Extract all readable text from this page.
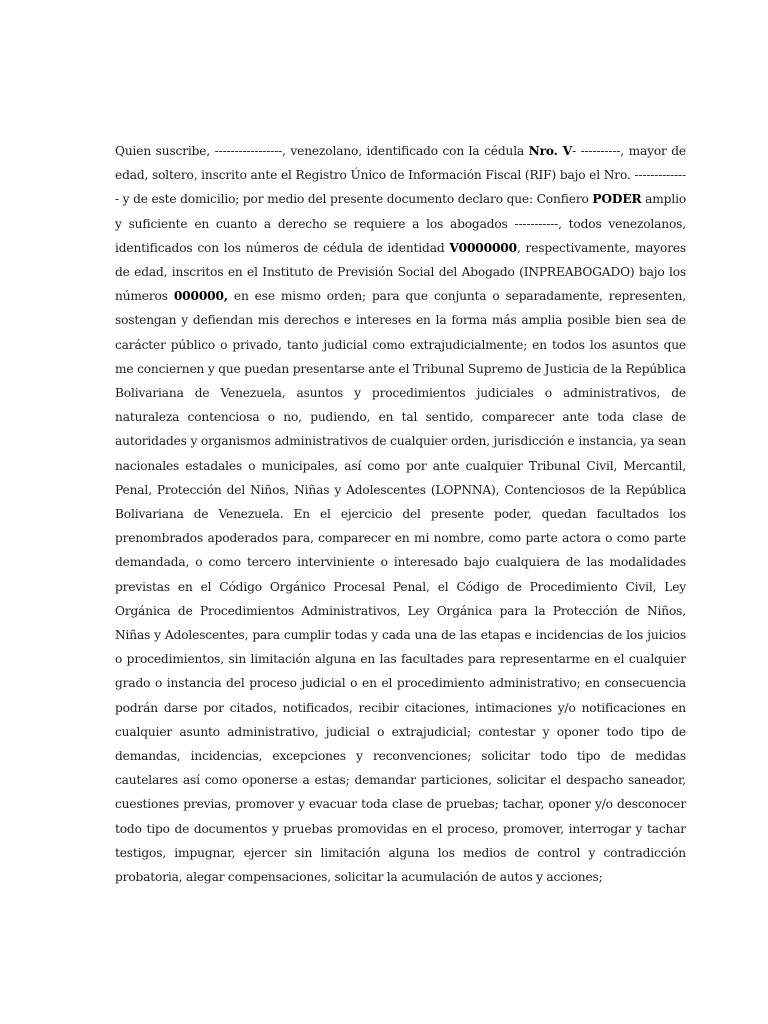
Quien suscribe, -----------------, venezolano, identificado con la cédula Nro. V- ----------, mayor de edad, soltero, inscrito ante el Registro Único de Información Fiscal (RIF) bajo el Nro. -------------- y de este domicilio; por medio del presente documento declaro que: Confiero PODER amplio y suficiente en cuanto a derecho se requiere a los abogados -----------, todos venezolanos, identificados con los números de cédula de identidad V0000000, respectivamente, mayores de edad, inscritos en el Instituto de Previsión Social del Abogado (INPREABOGADO) bajo los números 000000, en ese mismo orden; para que conjunta o separadamente, representen, sostengan y defiendan mis derechos e intereses en la forma más amplia posible bien sea de carácter público o privado, tanto judicial como extrajudicialmente; en todos los asuntos que me conciernen y que puedan presentarse ante el Tribunal Supremo de Justicia de la República Bolivariana de Venezuela, asuntos y procedimientos judiciales o administrativos, de naturaleza contenciosa o no, pudiendo, en tal sentido, comparecer ante toda clase de autoridades y organismos administrativos de cualquier orden, jurisdicción e instancia, ya sean nacionales estadales o municipales, así como por ante cualquier Tribunal Civil, Mercantil, Penal, Protección del Niños, Niñas y Adolescentes (LOPNNA), Contenciosos de la República Bolivariana de Venezuela. En el ejercicio del presente poder, quedan facultados los prenombrados apoderados para, comparecer en mi nombre, como parte actora o como parte demandada, o como tercero interviniente o interesado bajo cualquiera de las modalidades previstas en el Código Orgánico Procesal Penal, el Código de Procedimiento Civil, Ley Orgánica de Procedimientos Administrativos, Ley Orgánica para la Protección de Niños, Niñas y Adolescentes, para cumplir todas y cada una de las etapas e incidencias de los juicios o procedimientos, sin limitación alguna en las facultades para representarme en el cualquier grado o instancia del proceso judicial o en el procedimiento administrativo; en consecuencia podrán darse por citados, notificados, recibir citaciones, intimaciones y/o notificaciones en cualquier asunto administrativo, judicial o extrajudicial; contestar y oponer todo tipo de demandas, incidencias, excepciones y reconvenciones; solicitar todo tipo de medidas cautelares así como oponerse a estas; demandar particiones, solicitar el despacho saneador, cuestiones previas, promover y evacuar toda clase de pruebas; tachar, oponer y/o desconocer todo tipo de documentos y pruebas promovidas en el proceso, promover, interrogar y tachar testigos, impugnar, ejercer sin limitación alguna los medios de control y contradicción probatoria, alegar compensaciones, solicitar la acumulación de autos y acciones;
